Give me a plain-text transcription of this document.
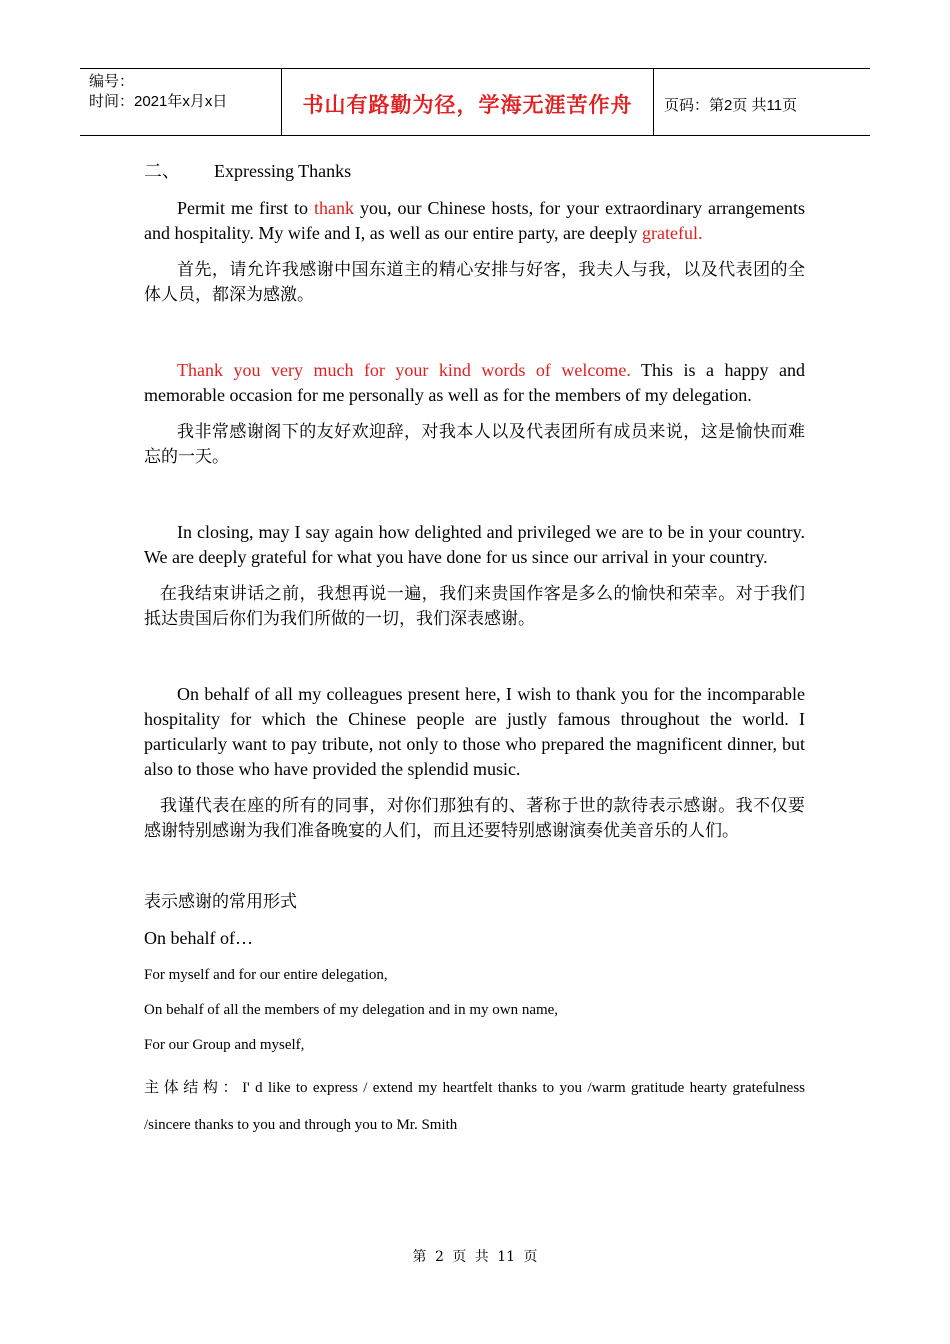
编号：
时间：2021年x月x日	书山有路勤为径，学海无涯苦作舟	页码：第2页 共11页

二、 Expressing Thanks

Permit me first to thank you, our Chinese hosts, for your extraordinary arrangements and hospitality. My wife and I, as well as our entire party, are deeply grateful.

首先，请允许我感谢中国东道主的精心安排与好客，我夫人与我，以及代表团的全体人员，都深为感激。

Thank you very much for your kind words of welcome. This is a happy and memorable occasion for me personally as well as for the members of my delegation.

我非常感谢阁下的友好欢迎辞，对我本人以及代表团所有成员来说，这是愉快而难忘的一天。

In closing, may I say again how delighted and privileged we are to be in your country. We are deeply grateful for what you have done for us since our arrival in your country.

在我结束讲话之前，我想再说一遍，我们来贵国作客是多么的愉快和荣幸。对于我们抵达贵国后你们为我们所做的一切，我们深表感谢。

On behalf of all my colleagues present here, I wish to thank you for the incomparable hospitality for which the Chinese people are justly famous throughout the world. I particularly want to pay tribute, not only to those who prepared the magnificent dinner, but also to those who have provided the splendid music.

我谨代表在座的所有的同事，对你们那独有的、著称于世的款待表示感谢。我不仅要感谢特别感谢为我们准备晚宴的人们，而且还要特别感谢演奏优美音乐的人们。

表示感谢的常用形式

On behalf of…

For myself and for our entire delegation,

On behalf of all the members of my delegation and in my own name,

For our Group and myself,

主体结构：I' d like to express / extend my heartfelt thanks to you /warm gratitude hearty gratefulness /sincere thanks to you and through you to Mr. Smith

第 2 页 共 11 页
